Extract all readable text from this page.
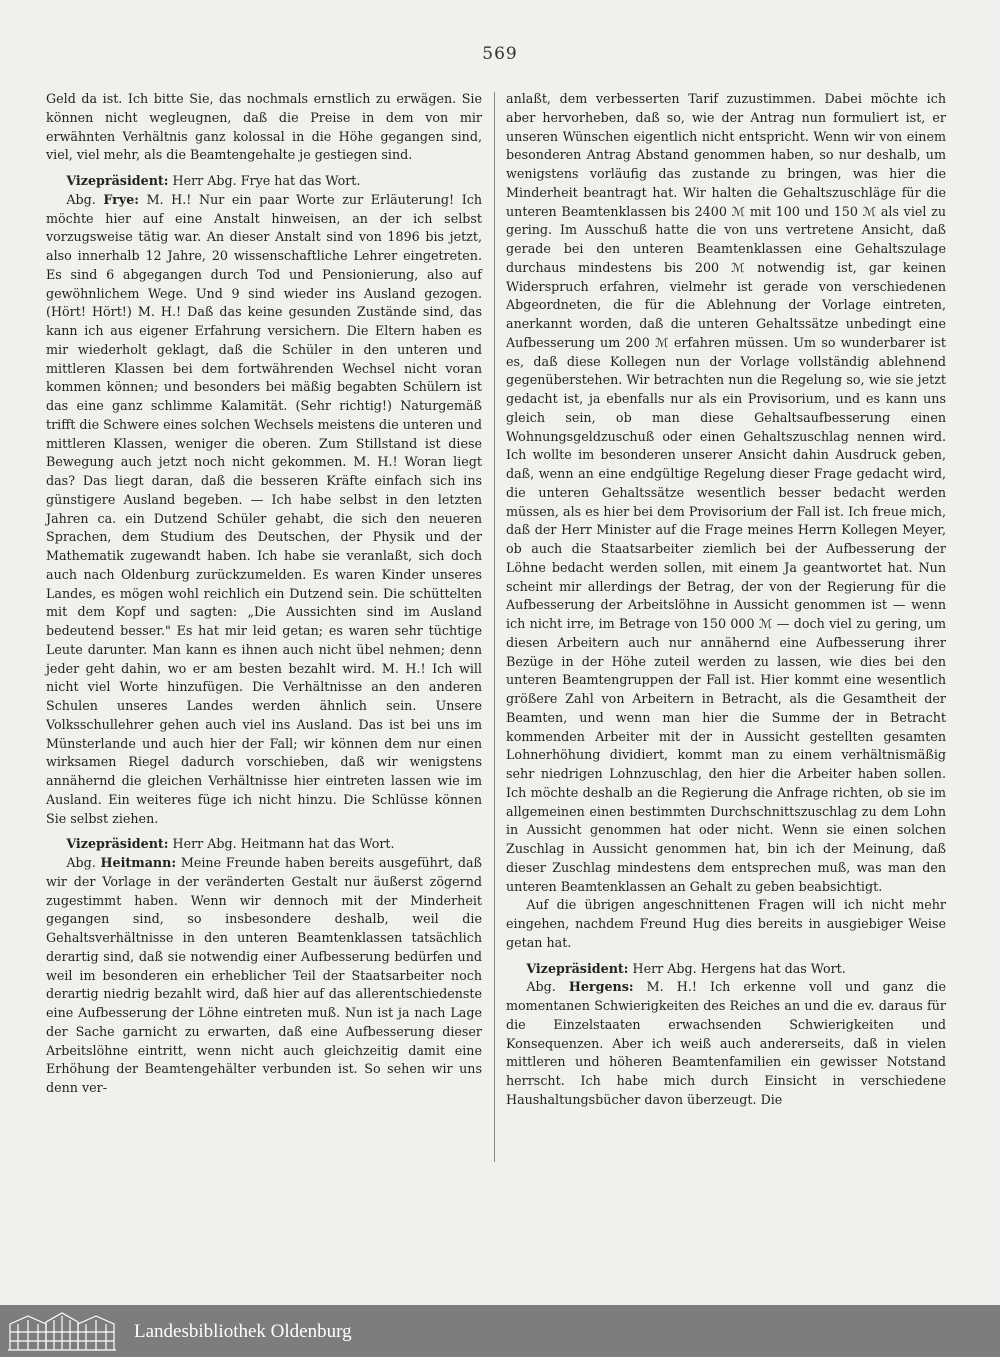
569

Geld da ist. Ich bitte Sie, das nochmals ernstlich zu erwägen. Sie können nicht wegleugnen, daß die Preise in dem von mir erwähnten Verhältnis ganz kolossal in die Höhe gegangen sind, viel, viel mehr, als die Beamtengehalte je gestiegen sind.

Vizepräsident: Herr Abg. Frye hat das Wort.

Abg. Frye: M. H.! Nur ein paar Worte zur Erläuterung! Ich möchte hier auf eine Anstalt hinweisen, an der ich selbst vorzugsweise tätig war. An dieser Anstalt sind von 1896 bis jetzt, also innerhalb 12 Jahre, 20 wissenschaftliche Lehrer eingetreten. Es sind 6 abgegangen durch Tod und Pensionierung, also auf gewöhnlichem Wege. Und 9 sind wieder ins Ausland gezogen. (Hört! Hört!) M. H.! Daß das keine gesunden Zustände sind, das kann ich aus eigener Erfahrung versichern. Die Eltern haben es mir wiederholt geklagt, daß die Schüler in den unteren und mittleren Klassen bei dem fortwährenden Wechsel nicht voran kommen können; und besonders bei mäßig begabten Schülern ist das eine ganz schlimme Kalamität. (Sehr richtig!) Naturgemäß trifft die Schwere eines solchen Wechsels meistens die unteren und mittleren Klassen, weniger die oberen. Zum Stillstand ist diese Bewegung auch jetzt noch nicht gekommen. M. H.! Woran liegt das? Das liegt daran, daß die besseren Kräfte einfach sich ins günstigere Ausland begeben. — Ich habe selbst in den letzten Jahren ca. ein Dutzend Schüler gehabt, die sich den neueren Sprachen, dem Studium des Deutschen, der Physik und der Mathematik zugewandt haben. Ich habe sie veranlaßt, sich doch auch nach Oldenburg zurückzumelden. Es waren Kinder unseres Landes, es mögen wohl reichlich ein Dutzend sein. Die schüttelten mit dem Kopf und sagten: „Die Aussichten sind im Ausland bedeutend besser." Es hat mir leid getan; es waren sehr tüchtige Leute darunter. Man kann es ihnen auch nicht übel nehmen; denn jeder geht dahin, wo er am besten bezahlt wird. M. H.! Ich will nicht viel Worte hinzufügen. Die Verhältnisse an den anderen Schulen unseres Landes werden ähnlich sein. Unsere Volksschullehrer gehen auch viel ins Ausland. Das ist bei uns im Münsterlande und auch hier der Fall; wir können dem nur einen wirksamen Riegel dadurch vorschieben, daß wir wenigstens annähernd die gleichen Verhältnisse hier eintreten lassen wie im Ausland. Ein weiteres füge ich nicht hinzu. Die Schlüsse können Sie selbst ziehen.

Vizepräsident: Herr Abg. Heitmann hat das Wort.

Abg. Heitmann: Meine Freunde haben bereits ausgeführt, daß wir der Vorlage in der veränderten Gestalt nur äußerst zögernd zugestimmt haben. Wenn wir dennoch mit der Minderheit gegangen sind, so insbesondere deshalb, weil die Gehaltsverhältnisse in den unteren Beamtenklassen tatsächlich derartig sind, daß sie notwendig einer Aufbesserung bedürfen und weil im besonderen ein erheblicher Teil der Staatsarbeiter noch derartig niedrig bezahlt wird, daß hier auf das allerentschiedenste eine Aufbesserung der Löhne eintreten muß. Nun ist ja nach Lage der Sache garnicht zu erwarten, daß eine Aufbesserung dieser Arbeitslöhne eintritt, wenn nicht auch gleichzeitig damit eine Erhöhung der Beamtengehälter verbunden ist. So sehen wir uns denn ver-

anlaßt, dem verbesserten Tarif zuzustimmen. Dabei möchte ich aber hervorheben, daß so, wie der Antrag nun formuliert ist, er unseren Wünschen eigentlich nicht entspricht. Wenn wir von einem besonderen Antrag Abstand genommen haben, so nur deshalb, um wenigstens vorläufig das zustande zu bringen, was hier die Minderheit beantragt hat. Wir halten die Gehaltszuschläge für die unteren Beamtenklassen bis 2400 ℳ mit 100 und 150 ℳ als viel zu gering. Im Ausschuß hatte die von uns vertretene Ansicht, daß gerade bei den unteren Beamtenklassen eine Gehaltszulage durchaus mindestens bis 200 ℳ notwendig ist, gar keinen Widerspruch erfahren, vielmehr ist gerade von verschiedenen Abgeordneten, die für die Ablehnung der Vorlage eintreten, anerkannt worden, daß die unteren Gehaltssätze unbedingt eine Aufbesserung um 200 ℳ erfahren müssen. Um so wunderbarer ist es, daß diese Kollegen nun der Vorlage vollständig ablehnend gegenüberstehen. Wir betrachten nun die Regelung so, wie sie jetzt gedacht ist, ja ebenfalls nur als ein Provisorium, und es kann uns gleich sein, ob man diese Gehaltsaufbesserung einen Wohnungsgeldzuschuß oder einen Gehaltszuschlag nennen wird. Ich wollte im besonderen unserer Ansicht dahin Ausdruck geben, daß, wenn an eine endgültige Regelung dieser Frage gedacht wird, die unteren Gehaltssätze wesentlich besser bedacht werden müssen, als es hier bei dem Provisorium der Fall ist. Ich freue mich, daß der Herr Minister auf die Frage meines Herrn Kollegen Meyer, ob auch die Staatsarbeiter ziemlich bei der Aufbesserung der Löhne bedacht werden sollen, mit einem Ja geantwortet hat. Nun scheint mir allerdings der Betrag, der von der Regierung für die Aufbesserung der Arbeitslöhne in Aussicht genommen ist — wenn ich nicht irre, im Betrage von 150 000 ℳ — doch viel zu gering, um diesen Arbeitern auch nur annähernd eine Aufbesserung ihrer Bezüge in der Höhe zuteil werden zu lassen, wie dies bei den unteren Beamtengruppen der Fall ist. Hier kommt eine wesentlich größere Zahl von Arbeitern in Betracht, als die Gesamtheit der Beamten, und wenn man hier die Summe der in Betracht kommenden Arbeiter mit der in Aussicht gestellten gesamten Lohnerhöhung dividiert, kommt man zu einem verhältnismäßig sehr niedrigen Lohnzuschlag, den hier die Arbeiter haben sollen. Ich möchte deshalb an die Regierung die Anfrage richten, ob sie im allgemeinen einen bestimmten Durchschnittszuschlag zu dem Lohn in Aussicht genommen hat oder nicht. Wenn sie einen solchen Zuschlag in Aussicht genommen hat, bin ich der Meinung, daß dieser Zuschlag mindestens dem entsprechen muß, was man den unteren Beamtenklassen an Gehalt zu geben beabsichtigt.

Auf die übrigen angeschnittenen Fragen will ich nicht mehr eingehen, nachdem Freund Hug dies bereits in ausgiebiger Weise getan hat.

Vizepräsident: Herr Abg. Hergens hat das Wort.

Abg. Hergens: M. H.! Ich erkenne voll und ganz die momentanen Schwierigkeiten des Reiches an und die ev. daraus für die Einzelstaaten erwachsenden Schwierigkeiten und Konsequenzen. Aber ich weiß auch andererseits, daß in vielen mittleren und höheren Beamtenfamilien ein gewisser Notstand herrscht. Ich habe mich durch Einsicht in verschiedene Haushaltungsbücher davon überzeugt. Die

Landesbibliothek Oldenburg
